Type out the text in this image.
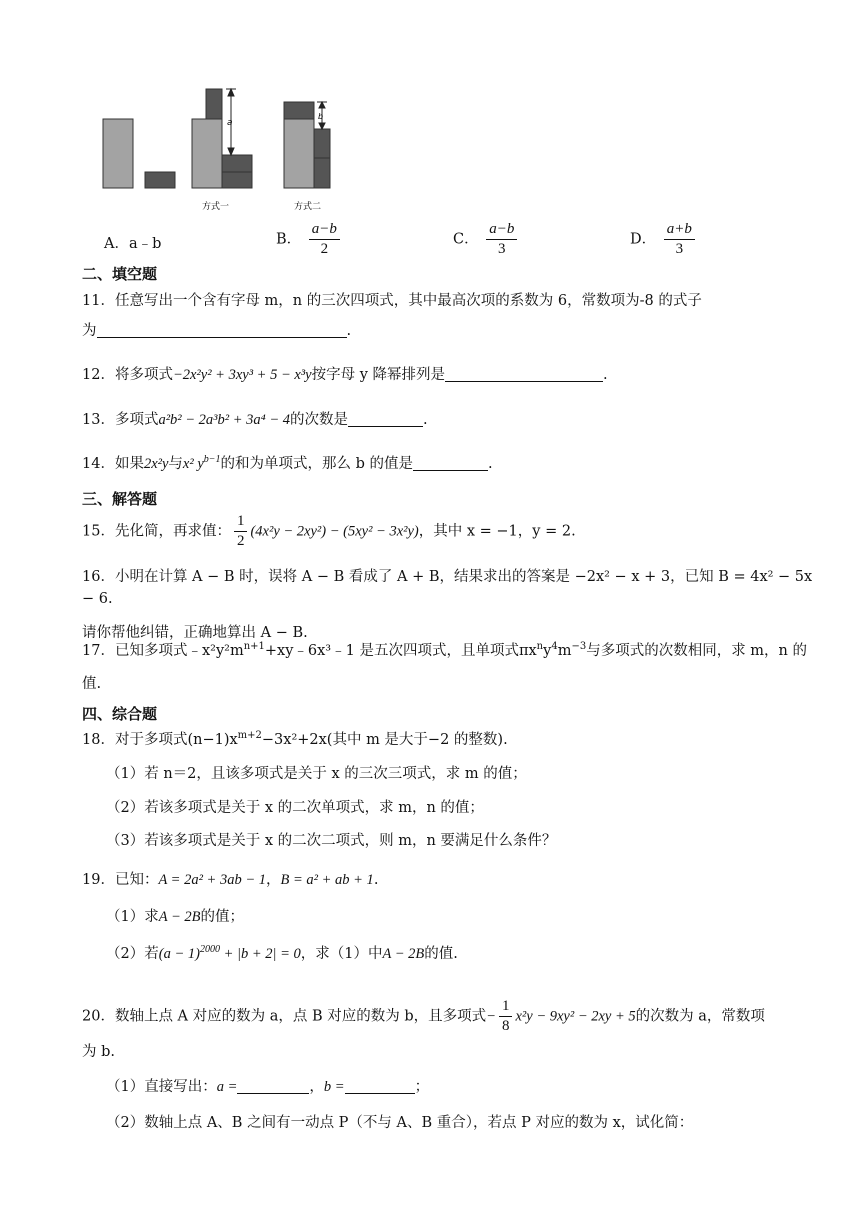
a
b
方式一	方式二
A．a﹣b	B． $\frac{a-b}{2}$	C． $\frac{a-b}{3}$	D． $\frac{a+b}{3}$
二、填空题
11．任意写出一个含有字母 m，n 的三次四项式，其中最高次项的系数为 6，常数项为-8 的式子
为	.
12．将多项式−2x²y² + 3xy³ + 5 − x³y按字母 y 降幂排列是	.
13．多项式a²b² − 2a³b² + 3a⁴ − 4的次数是	.
14．如果2x²y与x² $y^{b-1}$的和为单项式，那么 b 的值是	.
三、解答题
15．先化简，再求值： $\frac{1}{2} (4x^2y - 2xy^2) - (5xy^2 - 3x^2y)$，其中 x = −1，y = 2.
16．小明在计算 A − B 时，误将 A − B 看成了 A + B，结果求出的答案是 −2x² − x + 3，已知 B = 4x² − 5x − 6.
请你帮他纠错，正确地算出 A − B.
17．已知多项式$﹣x^2y^2m^{n+1}+xy﹣6x^3﹣1$ 是五次四项式，且单项式$\pi x^ny^4m^{-3}$与多项式的次数相同，求 m，n 的
值.
四、综合题
18．对于多项式$(n-1)x^{m+2}-3x^2+2x$(其中 m 是大于−2 的整数).
（1）若 n＝2，且该多项式是关于 x 的三次三项式，求 m 的值；
（2）若该多项式是关于 x 的二次单项式，求 m，n 的值；
（3）若该多项式是关于 x 的二次二项式，则 m，n 要满足什么条件？
19．已知：A = 2a² + 3ab − 1，B = a² + ab + 1.
（1）求A − 2B的值；
（2）若$(a - 1)^{2000} + |b + 2| = 0$，求（1）中A − 2B的值.
20．数轴上点 A 对应的数为 a，点 B 对应的数为 b，且多项式− $\frac{1}{8} x^2y - 9xy^2 - 2xy + 5$的次数为 a，常数项
为 b.
（1）直接写出：a =	，b =	；
（2）数轴上点 A、B 之间有一动点 P（不与 A、B 重合），若点 P 对应的数为 x，试化简：
